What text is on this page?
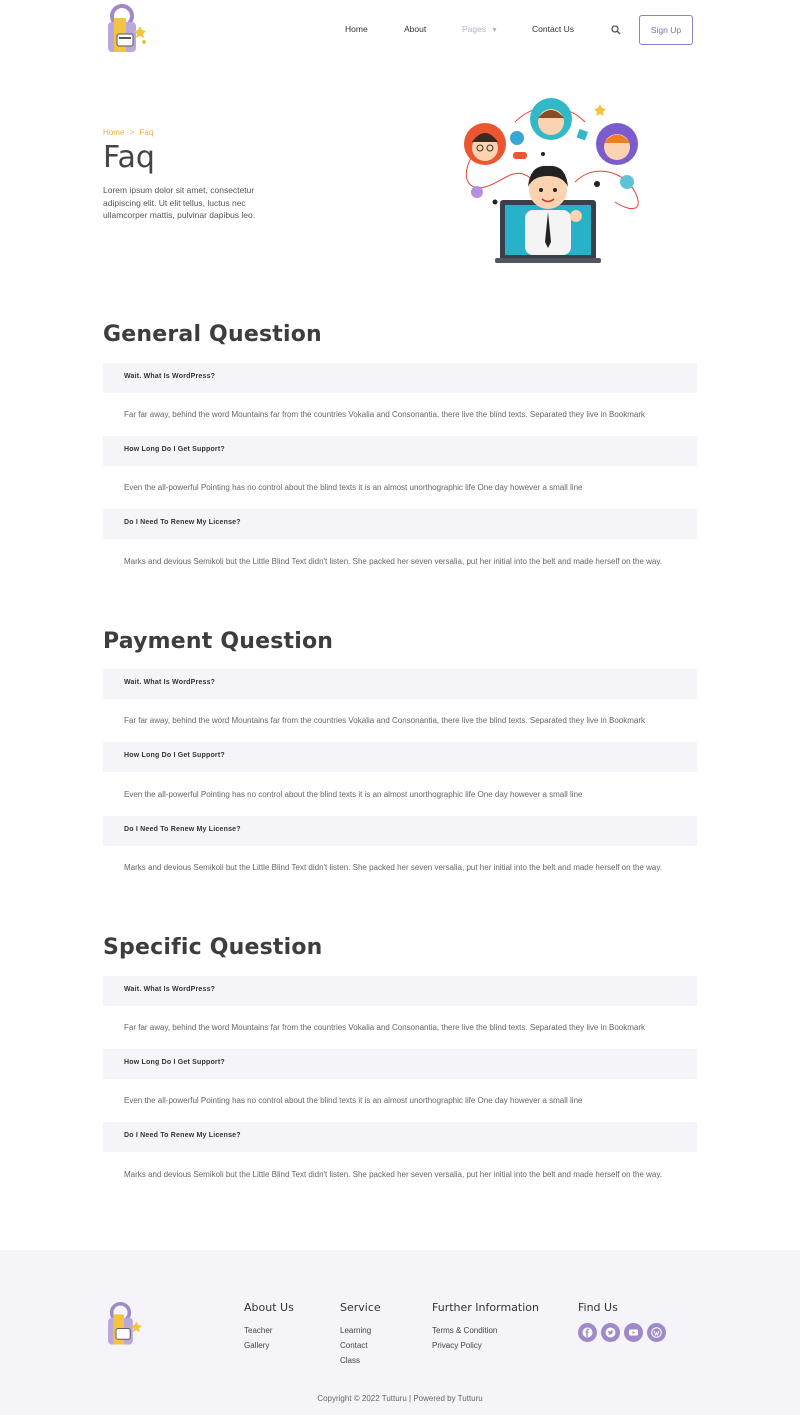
Home	About	Pages ▼	Contact Us	Sign Up
Home > Faq
Faq

Lorem ipsum dolor sit amet, consectetur adipiscing elit. Ut elit tellus, luctus nec ullamcorper mattis, pulvinar dapibus leo.

General Question
Wait. What Is WordPress?

Far far away, behind the word Mountains far from the countries Vokalia and Consonantia, there live the blind texts. Separated they live in Bookmark

How Long Do I Get Support?

Even the all-powerful Pointing has no control about the blind texts it is an almost unorthographic life One day however a small line

Do I Need To Renew My License?

Marks and devious Semikoli but the Little Blind Text didn't listen. She packed her seven versalia, put her initial into the belt and made herself on the way.

Payment Question
Wait. What Is WordPress?

Far far away, behind the word Mountains far from the countries Vokalia and Consonantia, there live the blind texts. Separated they live in Bookmark

How Long Do I Get Support?

Even the all-powerful Pointing has no control about the blind texts it is an almost unorthographic life One day however a small line

Do I Need To Renew My License?

Marks and devious Semikoli but the Little Blind Text didn't listen. She packed her seven versalia, put her initial into the belt and made herself on the way.

Specific Question
Wait. What Is WordPress?

Far far away, behind the word Mountains far from the countries Vokalia and Consonantia, there live the blind texts. Separated they live in Bookmark

How Long Do I Get Support?

Even the all-powerful Pointing has no control about the blind texts it is an almost unorthographic life One day however a small line

Do I Need To Renew My License?

Marks and devious Semikoli but the Little Blind Text didn't listen. She packed her seven versalia, put her initial into the belt and made herself on the way.

About Us
Teacher
Gallery
Service
Learning
Contact
Class
Further Information
Terms & Condition
Privacy Policy
Find Us
Copyright © 2022 Tutturu | Powered by Tutturu
